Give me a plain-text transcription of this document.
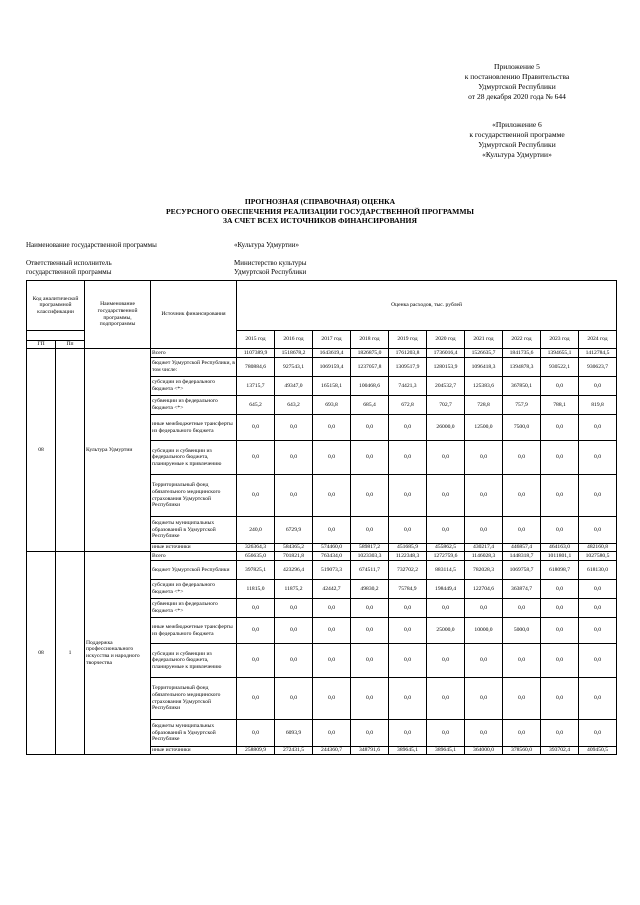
Приложение 5
к постановлению Правительства
Удмуртской Республики
от 28 декабря 2020 года № 644
«Приложение 6
к государственной программе
Удмуртской Республики
«Культура Удмуртии»
ПРОГНОЗНАЯ (СПРАВОЧНАЯ) ОЦЕНКА
РЕСУРСНОГО ОБЕСПЕЧЕНИЯ РЕАЛИЗАЦИИ ГОСУДАРСТВЕННОЙ ПРОГРАММЫ
ЗА СЧЕТ ВСЕХ ИСТОЧНИКОВ ФИНАНСИРОВАНИЯ
Наименование государственной программы	«Культура Удмуртии»
Ответственный исполнитель
государственной программы
Министерство культуры
Удмуртской Республики
Код аналитической программной классификации		Наименование государственной программы, подпрограммы	Источник финансирования	Оценка расходов, тыс. рублей									
				2015 год	2016 год	2017 год	2018 год	2019 год	2020 год	2021 год	2022 год	2023 год	2024 год
ГП	Пп												
08		Культура Удмуртии	Всего	1107389,9	1518678,2	1643619,4	1826875,0	1761203,8	1736016,4	1526635,7	1841735,6	1394655,1	1412784,5
			бюджет Удмуртской Республики, в том числе:	780884,6	927543,1	1069159,4	1237057,8	1309517,9	1280153,9	1096418,3	1394878,3	930522,1	930623,7
			субсидии из федерального бюджета <*>	13715,7	49347,0	165158,1	100468,6	74421,3	204532,7	125383,6	367850,1	0,0	0,0
			субвенции из федерального бюджета <*>	645,2	643,2	693,8	685,4	672,8	702,7	728,8	757,9	788,1	819,8
			иные межбюджетные трансферты из федерального бюджета	0,0	0,0	0,0	0,0	0,0	26000,0	12500,0	7500,0	0,0	0,0
			субсидии и субвенции из федерального бюджета, планируемые к привлечению	0,0	0,0	0,0	0,0	0,0	0,0	0,0	0,0	0,0	0,0
			Территориальный фонд обязательного медицинского страхования Удмуртской Республики	0,0	0,0	0,0	0,0	0,0	0,0	0,0	0,0	0,0	0,0
			бюджеты муниципальных образований в Удмуртской Республике	240,0	6729,9	0,0	0,0	0,0	0,0	0,0	0,0	0,0	0,0
			иные источники	326364,3	584365,2	574460,0	589817,2	451685,9	455862,5	430217,4	446857,4	464163,0	482160,8
08	1	Поддержка профессионального искусства и народного творчества	Всего	656635,0	701821,8	763434,0	1023303,3	1122348,3	1272759,6	1146028,3	1448318,7	1011801,1	1027580,5
			бюджет Удмуртской Республики	397825,1	423296,4	519073,3	674511,7	732702,2	883114,5	782028,3	1069758,7	618098,7	618130,0
			субсидии из федерального бюджета <*>	11815,0	11875,2	42442,7	49830,2	75784,9	198449,4	122704,6	363874,7	0,0	0,0
			субвенции из федерального бюджета <*>	0,0	0,0	0,0	0,0	0,0	0,0	0,0	0,0	0,0	0,0
			иные межбюджетные трансферты из федерального бюджета	0,0	0,0	0,0	0,0	0,0	25000,0	10000,0	5000,0	0,0	0,0
			субсидии и субвенции из федерального бюджета, планируемые к привлечению	0,0	0,0	0,0	0,0	0,0	0,0	0,0	0,0	0,0	0,0
			Территориальный фонд обязательного медицинского страхования Удмуртской Республики	0,0	0,0	0,0	0,0	0,0	0,0	0,0	0,0	0,0	0,0
			бюджеты муниципальных образований в Удмуртской Республике	0,0	6093,9	0,0	0,0	0,0	0,0	0,0	0,0	0,0	0,0
			иные источники	258809,9	272431,5	244360,7	348791,6	389645,1	389645,1	364000,0	378560,0	393702,4	409450,5
